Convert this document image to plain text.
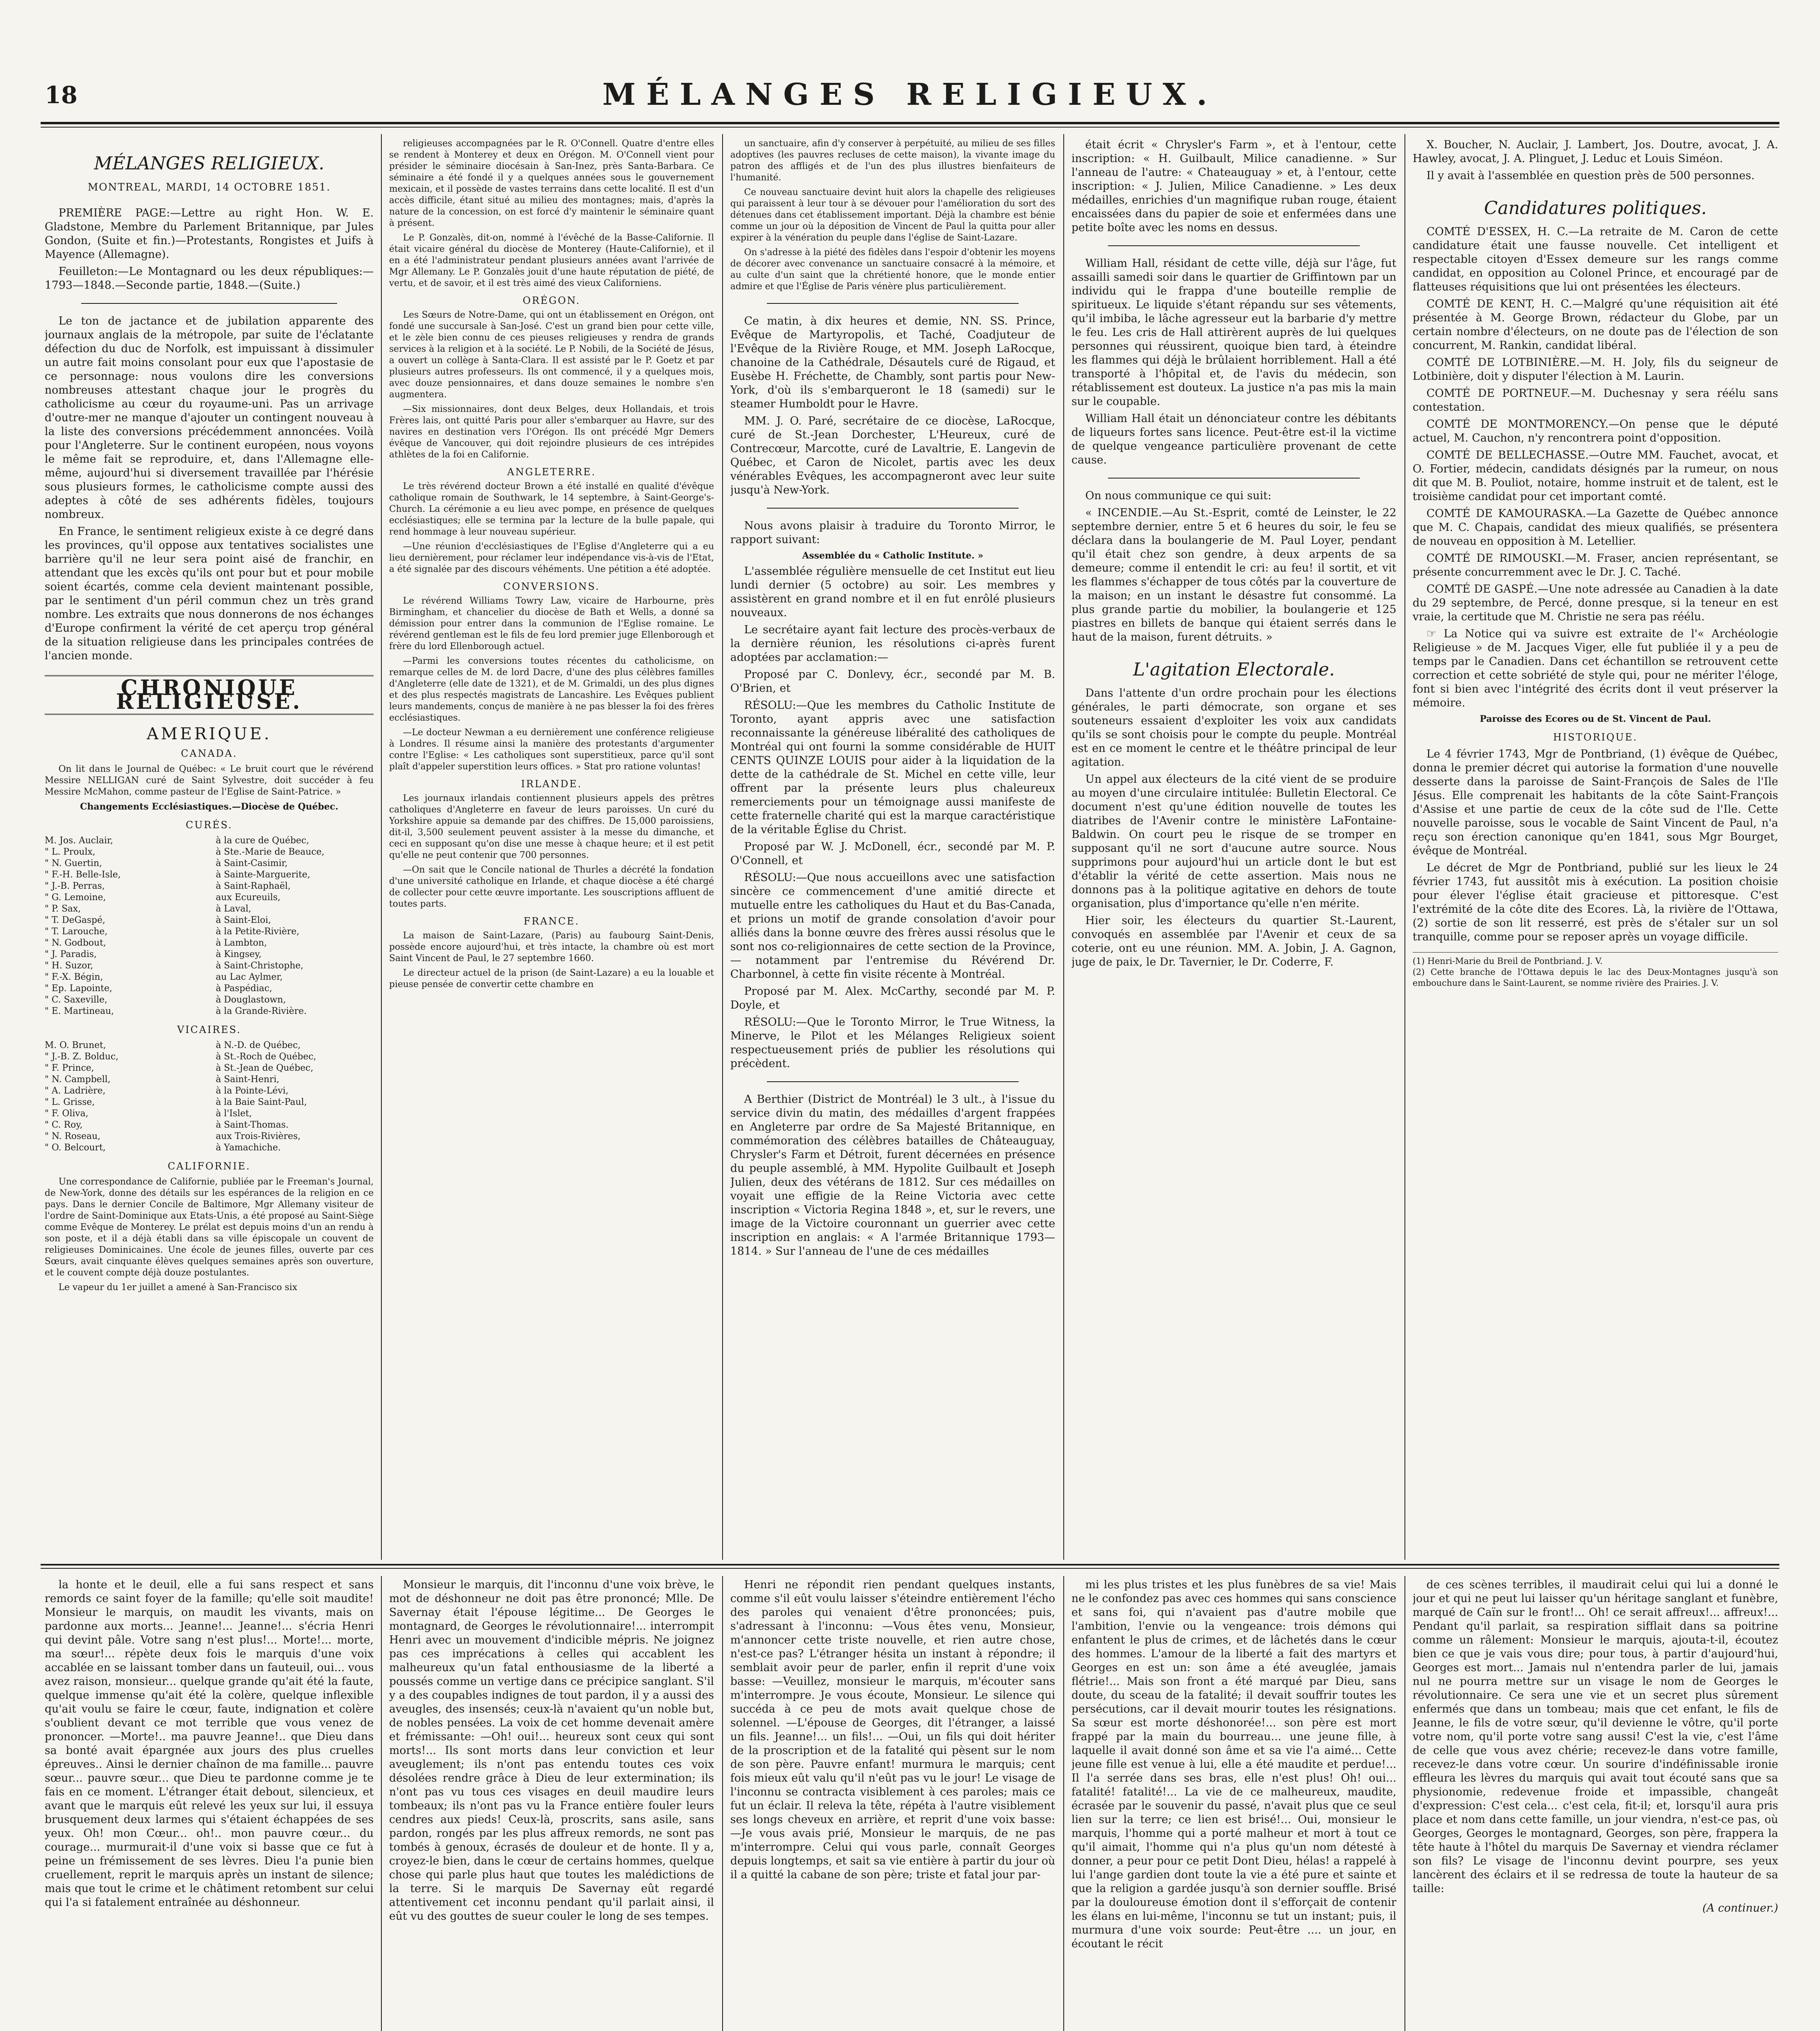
18	MÉLANGES RELIGIEUX.
MÉLANGES RELIGIEUX.
MONTREAL, MARDI, 14 OCTOBRE 1851.

PREMIÈRE PAGE:—Lettre au right Hon. W. E. Gladstone, Membre du Parlement Britannique, par Jules Gondon, (Suite et fin.)—Protestants, Rongistes et Juifs à Mayence (Allemagne).

Feuilleton:—Le Montagnard ou les deux républiques:—1793—1848.—Seconde partie, 1848.—(Suite.)

Le ton de jactance et de jubilation apparente des journaux anglais de la métropole, par suite de l'éclatante défection du duc de Norfolk, est impuissant à dissimuler un autre fait moins consolant pour eux que l'apostasie de ce personnage: nous voulons dire les conversions nombreuses attestant chaque jour le progrès du catholicisme au cœur du royaume-uni. Pas un arrivage d'outre-mer ne manque d'ajouter un contingent nouveau à la liste des conversions précédemment annoncées. Voilà pour l'Angleterre. Sur le continent européen, nous voyons le même fait se reproduire, et, dans l'Allemagne elle-même, aujourd'hui si diversement travaillée par l'hérésie sous plusieurs formes, le catholicisme compte aussi des adeptes à côté de ses adhérents fidèles, toujours nombreux.

En France, le sentiment religieux existe à ce degré dans les provinces, qu'il oppose aux tentatives socialistes une barrière qu'il ne leur sera point aisé de franchir, en attendant que les excès qu'ils ont pour but et pour mobile soient écartés, comme cela devient maintenant possible, par le sentiment d'un péril commun chez un très grand nombre. Les extraits que nous donnerons de nos échanges d'Europe confirment la vérité de cet aperçu trop général de la situation religieuse dans les principales contrées de l'ancien monde.

CHRONIQUE RELIGIEUSE.
AMERIQUE.
CANADA.

On lit dans le Journal de Québec: « Le bruit court que le révérend Messire NELLIGAN curé de Saint Sylvestre, doit succéder à feu Messire McMahon, comme pasteur de l'Eglise de Saint-Patrice. »

Changements Ecclésiastiques.—Diocèse de Québec.

CURÉS.
M. Jos. Auclair,	à la cure de Québec,
" L. Proulx,	à Ste.-Marie de Beauce,
" N. Guertin,	à Saint-Casimir,
" F.-H. Belle-Isle,	à Sainte-Marguerite,
" J.-B. Perras,	à Saint-Raphaël,
" G. Lemoine,	aux Ecureuils,
" P. Sax,	à Laval,
" T. DeGaspé,	à Saint-Eloi,
" T. Larouche,	à la Petite-Rivière,
" N. Godbout,	à Lambton,
" J. Paradis,	à Kingsey,
" H. Suzor,	à Saint-Christophe,
" F.-X. Bégin,	au Lac Aylmer,
" Ep. Lapointe,	à Paspédiac,
" C. Saxeville,	à Douglastown,
" E. Martineau,	à la Grande-Rivière.
VICAIRES.
M. O. Brunet,	à N.-D. de Québec,
" J.-B. Z. Bolduc,	à St.-Roch de Québec,
" F. Prince,	à St.-Jean de Québec,
" N. Campbell,	à Saint-Henri,
" A. Ladrière,	à la Pointe-Lévi,
" L. Grisse,	à la Baie Saint-Paul,
" F. Oliva,	à l'Islet,
" C. Roy,	à Saint-Thomas.
" N. Roseau,	aux Trois-Rivières,
" O. Belcourt,	à Yamachiche.
CALIFORNIE.

Une correspondance de Californie, publiée par le Freeman's Journal, de New-York, donne des détails sur les espérances de la religion en ce pays. Dans le dernier Concile de Baltimore, Mgr Allemany visiteur de l'ordre de Saint-Dominique aux Etats-Unis, a été proposé au Saint-Siège comme Evêque de Monterey. Le prélat est depuis moins d'un an rendu à son poste, et il a déjà établi dans sa ville épiscopale un couvent de religieuses Dominicaines. Une école de jeunes filles, ouverte par ces Sœurs, avait cinquante élèves quelques semaines après son ouverture, et le couvent compte déjà douze postulantes.

Le vapeur du 1er juillet a amené à San-Francisco six

religieuses accompagnées par le R. O'Connell. Quatre d'entre elles se rendent à Monterey et deux en Orégon. M. O'Connell vient pour présider le séminaire diocésain à San-Inez, près Santa-Barbara. Ce séminaire a été fondé il y a quelques années sous le gouvernement mexicain, et il possède de vastes terrains dans cette localité. Il est d'un accès difficile, étant situé au milieu des montagnes; mais, d'après la nature de la concession, on est forcé d'y maintenir le séminaire quant à présent.

Le P. Gonzalès, dit-on, nommé à l'évêché de la Basse-Californie. Il était vicaire général du diocèse de Monterey (Haute-Californie), et il en a été l'administrateur pendant plusieurs années avant l'arrivée de Mgr Allemany. Le P. Gonzalès jouit d'une haute réputation de piété, de vertu, et de savoir, et il est très aimé des vieux Californiens.

ORÉGON.

Les Sœurs de Notre-Dame, qui ont un établissement en Orégon, ont fondé une succursale à San-José. C'est un grand bien pour cette ville, et le zèle bien connu de ces pieuses religieuses y rendra de grands services à la religion et à la société. Le P. Nobili, de la Société de Jésus, a ouvert un collège à Santa-Clara. Il est assisté par le P. Goetz et par plusieurs autres professeurs. Ils ont commencé, il y a quelques mois, avec douze pensionnaires, et dans douze semaines le nombre s'en augmentera.

—Six missionnaires, dont deux Belges, deux Hollandais, et trois Frères lais, ont quitté Paris pour aller s'embarquer au Havre, sur des navires en destination vers l'Orégon. Ils ont précédé Mgr Demers évêque de Vancouver, qui doit rejoindre plusieurs de ces intrépides athlètes de la foi en Californie.

ANGLETERRE.

Le très révérend docteur Brown a été installé en qualité d'évêque catholique romain de Southwark, le 14 septembre, à Saint-George's-Church. La cérémonie a eu lieu avec pompe, en présence de quelques ecclésiastiques; elle se termina par la lecture de la bulle papale, qui rend hommage à leur nouveau supérieur.

—Une réunion d'ecclésiastiques de l'Eglise d'Angleterre qui a eu lieu dernièrement, pour réclamer leur indépendance vis-à-vis de l'Etat, a été signalée par des discours véhéments. Une pétition a été adoptée.

CONVERSIONS.

Le révérend Williams Towry Law, vicaire de Harbourne, près Birmingham, et chancelier du diocèse de Bath et Wells, a donné sa démission pour entrer dans la communion de l'Eglise romaine. Le révérend gentleman est le fils de feu lord premier juge Ellenborough et frère du lord Ellenborough actuel.

—Parmi les conversions toutes récentes du catholicisme, on remarque celles de M. de lord Dacre, d'une des plus célèbres familles d'Angleterre (elle date de 1321), et de M. Grimaldi, un des plus dignes et des plus respectés magistrats de Lancashire. Les Evêques publient leurs mandements, conçus de manière à ne pas blesser la foi des frères ecclésiastiques.

—Le docteur Newman a eu dernièrement une conférence religieuse à Londres. Il résume ainsi la manière des protestants d'argumenter contre l'Eglise: « Les catholiques sont superstitieux, parce qu'il sont plaît d'appeler superstition leurs offices. » Stat pro ratione voluntas!

IRLANDE.

Les journaux irlandais contiennent plusieurs appels des prêtres catholiques d'Angleterre en faveur de leurs paroisses. Un curé du Yorkshire appuie sa demande par des chiffres. De 15,000 paroissiens, dit-il, 3,500 seulement peuvent assister à la messe du dimanche, et ceci en supposant qu'on dise une messe à chaque heure; et il est petit qu'elle ne peut contenir que 700 personnes.

—On sait que le Concile national de Thurles a décrété la fondation d'une université catholique en Irlande, et chaque diocèse a été chargé de collecter pour cette œuvre importante. Les souscriptions affluent de toutes parts.

FRANCE.

La maison de Saint-Lazare, (Paris) au faubourg Saint-Denis, possède encore aujourd'hui, et très intacte, la chambre où est mort Saint Vincent de Paul, le 27 septembre 1660.

Le directeur actuel de la prison (de Saint-Lazare) a eu la louable et pieuse pensée de convertir cette chambre en

un sanctuaire, afin d'y conserver à perpétuité, au milieu de ses filles adoptives (les pauvres recluses de cette maison), la vivante image du patron des affligés et de l'un des plus illustres bienfaiteurs de l'humanité.

Ce nouveau sanctuaire devint huit alors la chapelle des religieuses qui paraissent à leur tour à se dévouer pour l'amélioration du sort des détenues dans cet établissement important. Déjà la chambre est bénie comme un jour où la déposition de Vincent de Paul la quitta pour aller expirer à la vénération du peuple dans l'église de Saint-Lazare.

On s'adresse à la piété des fidèles dans l'espoir d'obtenir les moyens de décorer avec convenance un sanctuaire consacré à la mémoire, et au culte d'un saint que la chrétienté honore, que le monde entier admire et que l'Église de Paris vénère plus particulièrement.

Ce matin, à dix heures et demie, NN. SS. Prince, Evêque de Martyropolis, et Taché, Coadjuteur de l'Evêque de la Rivière Rouge, et MM. Joseph LaRocque, chanoine de la Cathédrale, Désautels curé de Rigaud, et Eusèbe H. Fréchette, de Chambly, sont partis pour New-York, d'où ils s'embarqueront le 18 (samedi) sur le steamer Humboldt pour le Havre.

MM. J. O. Paré, secrétaire de ce diocèse, LaRocque, curé de St.-Jean Dorchester, L'Heureux, curé de Contrecœur, Marcotte, curé de Lavaltrie, E. Langevin de Québec, et Caron de Nicolet, partis avec les deux vénérables Evêques, les accompagneront avec leur suite jusqu'à New-York.

Nous avons plaisir à traduire du Toronto Mirror, le rapport suivant:

Assemblée du « Catholic Institute. »

L'assemblée régulière mensuelle de cet Institut eut lieu lundi dernier (5 octobre) au soir. Les membres y assistèrent en grand nombre et il en fut enrôlé plusieurs nouveaux.

Le secrétaire ayant fait lecture des procès-verbaux de la dernière réunion, les résolutions ci-après furent adoptées par acclamation:—

Proposé par C. Donlevy, écr., secondé par M. B. O'Brien, et

RÉSOLU:—Que les membres du Catholic Institute de Toronto, ayant appris avec une satisfaction reconnaissante la généreuse libéralité des catholiques de Montréal qui ont fourni la somme considérable de HUIT CENTS QUINZE LOUIS pour aider à la liquidation de la dette de la cathédrale de St. Michel en cette ville, leur offrent par la présente leurs plus chaleureux remerciements pour un témoignage aussi manifeste de cette fraternelle charité qui est la marque caractéristique de la véritable Église du Christ.

Proposé par W. J. McDonell, écr., secondé par M. P. O'Connell, et

RÉSOLU:—Que nous accueillons avec une satisfaction sincère ce commencement d'une amitié directe et mutuelle entre les catholiques du Haut et du Bas-Canada, et prions un motif de grande consolation d'avoir pour alliés dans la bonne œuvre des frères aussi résolus que le sont nos co-religionnaires de cette section de la Province, — notamment par l'entremise du Révérend Dr. Charbonnel, à cette fin visite récente à Montréal.

Proposé par M. Alex. McCarthy, secondé par M. P. Doyle, et

RÉSOLU:—Que le Toronto Mirror, le True Witness, la Minerve, le Pilot et les Mélanges Religieux soient respectueusement priés de publier les résolutions qui précèdent.

A Berthier (District de Montréal) le 3 ult., à l'issue du service divin du matin, des médailles d'argent frappées en Angleterre par ordre de Sa Majesté Britannique, en commémoration des célèbres batailles de Châteauguay, Chrysler's Farm et Détroit, furent décernées en présence du peuple assemblé, à MM. Hypolite Guilbault et Joseph Julien, deux des vétérans de 1812. Sur ces médailles on voyait une effigie de la Reine Victoria avec cette inscription « Victoria Regina 1848 », et, sur le revers, une image de la Victoire couronnant un guerrier avec cette inscription en anglais: « A l'armée Britannique 1793—1814. » Sur l'anneau de l'une de ces médailles

était écrit « Chrysler's Farm », et à l'entour, cette inscription: « H. Guilbault, Milice canadienne. » Sur l'anneau de l'autre: « Chateauguay » et, à l'entour, cette inscription: « J. Julien, Milice Canadienne. » Les deux médailles, enrichies d'un magnifique ruban rouge, étaient encaissées dans du papier de soie et enfermées dans une petite boîte avec les noms en dessus.

William Hall, résidant de cette ville, déjà sur l'âge, fut assailli samedi soir dans le quartier de Griffintown par un individu qui le frappa d'une bouteille remplie de spiritueux. Le liquide s'étant répandu sur ses vêtements, qu'il imbiba, le lâche agresseur eut la barbarie d'y mettre le feu. Les cris de Hall attirèrent auprès de lui quelques personnes qui réussirent, quoique bien tard, à éteindre les flammes qui déjà le brûlaient horriblement. Hall a été transporté à l'hôpital et, de l'avis du médecin, son rétablissement est douteux. La justice n'a pas mis la main sur le coupable.

William Hall était un dénonciateur contre les débitants de liqueurs fortes sans licence. Peut-être est-il la victime de quelque vengeance particulière provenant de cette cause.

On nous communique ce qui suit:

« INCENDIE.—Au St.-Esprit, comté de Leinster, le 22 septembre dernier, entre 5 et 6 heures du soir, le feu se déclara dans la boulangerie de M. Paul Loyer, pendant qu'il était chez son gendre, à deux arpents de sa demeure; comme il entendit le cri: au feu! il sortit, et vit les flammes s'échapper de tous côtés par la couverture de la maison; en un instant le désastre fut consommé. La plus grande partie du mobilier, la boulangerie et 125 piastres en billets de banque qui étaient serrés dans le haut de la maison, furent détruits. »

L'agitation Electorale.

Dans l'attente d'un ordre prochain pour les élections générales, le parti démocrate, son organe et ses souteneurs essaient d'exploiter les voix aux candidats qu'ils se sont choisis pour le compte du peuple. Montréal est en ce moment le centre et le théâtre principal de leur agitation.

Un appel aux électeurs de la cité vient de se produire au moyen d'une circulaire intitulée: Bulletin Electoral. Ce document n'est qu'une édition nouvelle de toutes les diatribes de l'Avenir contre le ministère LaFontaine-Baldwin. On court peu le risque de se tromper en supposant qu'il ne sort d'aucune autre source. Nous supprimons pour aujourd'hui un article dont le but est d'établir la vérité de cette assertion. Mais nous ne donnons pas à la politique agitative en dehors de toute organisation, plus d'importance qu'elle n'en mérite.

Hier soir, les électeurs du quartier St.-Laurent, convoqués en assemblée par l'Avenir et ceux de sa coterie, ont eu une réunion. MM. A. Jobin, J. A. Gagnon, juge de paix, le Dr. Tavernier, le Dr. Coderre, F.

X. Boucher, N. Auclair, J. Lambert, Jos. Doutre, avocat, J. A. Hawley, avocat, J. A. Plinguet, J. Leduc et Louis Siméon.

Il y avait à l'assemblée en question près de 500 personnes.

Candidatures politiques.

COMTÉ D'ESSEX, H. C.—La retraite de M. Caron de cette candidature était une fausse nouvelle. Cet intelligent et respectable citoyen d'Essex demeure sur les rangs comme candidat, en opposition au Colonel Prince, et encouragé par de flatteuses réquisitions que lui ont présentées les électeurs.

COMTÉ DE KENT, H. C.—Malgré qu'une réquisition ait été présentée à M. George Brown, rédacteur du Globe, par un certain nombre d'électeurs, on ne doute pas de l'élection de son concurrent, M. Rankin, candidat libéral.

COMTÉ DE LOTBINIÈRE.—M. H. Joly, fils du seigneur de Lotbinière, doit y disputer l'élection à M. Laurin.

COMTÉ DE PORTNEUF.—M. Duchesnay y sera réélu sans contestation.

COMTÉ DE MONTMORENCY.—On pense que le député actuel, M. Cauchon, n'y rencontrera point d'opposition.

COMTÉ DE BELLECHASSE.—Outre MM. Fauchet, avocat, et O. Fortier, médecin, candidats désignés par la rumeur, on nous dit que M. B. Pouliot, notaire, homme instruit et de talent, est le troisième candidat pour cet important comté.

COMTÉ DE KAMOURASKA.—La Gazette de Québec annonce que M. C. Chapais, candidat des mieux qualifiés, se présentera de nouveau en opposition à M. Letellier.

COMTÉ DE RIMOUSKI.—M. Fraser, ancien représentant, se présente concurremment avec le Dr. J. C. Taché.

COMTÉ DE GASPÉ.—Une note adressée au Canadien à la date du 29 septembre, de Percé, donne presque, si la teneur en est vraie, la certitude que M. Christie ne sera pas réélu.

☞ La Notice qui va suivre est extraite de l'« Archéologie Religieuse » de M. Jacques Viger, elle fut publiée il y a peu de temps par le Canadien. Dans cet échantillon se retrouvent cette correction et cette sobriété de style qui, pour ne mériter l'éloge, font si bien avec l'intégrité des écrits dont il veut préserver la mémoire.

Paroisse des Ecores ou de St. Vincent de Paul.

HISTORIQUE.

Le 4 février 1743, Mgr de Pontbriand, (1) évêque de Québec, donna le premier décret qui autorise la formation d'une nouvelle desserte dans la paroisse de Saint-François de Sales de l'Ile Jésus. Elle comprenait les habitants de la côte Saint-François d'Assise et une partie de ceux de la côte sud de l'Ile. Cette nouvelle paroisse, sous le vocable de Saint Vincent de Paul, n'a reçu son érection canonique qu'en 1841, sous Mgr Bourget, évêque de Montréal.

Le décret de Mgr de Pontbriand, publié sur les lieux le 24 février 1743, fut aussitôt mis à exécution. La position choisie pour élever l'église était gracieuse et pittoresque. C'est l'extrémité de la côte dite des Ecores. Là, la rivière de l'Ottawa, (2) sortie de son lit resserré, est près de s'étaler sur un sol tranquille, comme pour se reposer après un voyage difficile.

(1) Henri-Marie du Breil de Pontbriand. J. V.
(2) Cette branche de l'Ottawa depuis le lac des Deux-Montagnes jusqu'à son embouchure dans le Saint-Laurent, se nomme rivière des Prairies. J. V.

la honte et le deuil, elle a fui sans respect et sans remords ce saint foyer de la famille; qu'elle soit maudite! Monsieur le marquis, on maudit les vivants, mais on pardonne aux morts... Jeanne!... Jeanne!... s'écria Henri qui devint pâle. Votre sang n'est plus!... Morte!... morte, ma sœur!... répète deux fois le marquis d'une voix accablée en se laissant tomber dans un fauteuil, oui... vous avez raison, monsieur... quelque grande qu'ait été la faute, quelque immense qu'ait été la colère, quelque inflexible qu'ait voulu se faire le cœur, faute, indignation et colère s'oublient devant ce mot terrible que vous venez de prononcer. —Morte!.. ma pauvre Jeanne!.. que Dieu dans sa bonté avait épargnée aux jours des plus cruelles épreuves.. Ainsi le dernier chaînon de ma famille... pauvre sœur... pauvre sœur... que Dieu te pardonne comme je te fais en ce moment. L'étranger était debout, silencieux, et avant que le marquis eût relevé les yeux sur lui, il essuya brusquement deux larmes qui s'étaient échappées de ses yeux. Oh! mon Cœur... oh!.. mon pauvre cœur... du courage... murmurait-il d'une voix si basse que ce fut à peine un frémissement de ses lèvres. Dieu l'a punie bien cruellement, reprit le marquis après un instant de silence; mais que tout le crime et le châtiment retombent sur celui qui l'a si fatalement entraînée au déshonneur.

Monsieur le marquis, dit l'inconnu d'une voix brève, le mot de déshonneur ne doit pas être prononcé; Mlle. De Savernay était l'épouse légitime... De Georges le montagnard, de Georges le révolutionnaire!... interrompit Henri avec un mouvement d'indicible mépris. Ne joignez pas ces imprécations à celles qui accablent les malheureux qu'un fatal enthousiasme de la liberté a poussés comme un vertige dans ce précipice sanglant. S'il y a des coupables indignes de tout pardon, il y a aussi des aveugles, des insensés; ceux-là n'avaient qu'un noble but, de nobles pensées. La voix de cet homme devenait amère et frémissante: —Oh! oui!... heureux sont ceux qui sont morts!... Ils sont morts dans leur conviction et leur aveuglement; ils n'ont pas entendu toutes ces voix désolées rendre grâce à Dieu de leur extermination; ils n'ont pas vu tous ces visages en deuil maudire leurs tombeaux; ils n'ont pas vu la France entière fouler leurs cendres aux pieds! Ceux-là, proscrits, sans asile, sans pardon, rongés par les plus affreux remords, ne sont pas tombés à genoux, écrasés de douleur et de honte. Il y a, croyez-le bien, dans le cœur de certains hommes, quelque chose qui parle plus haut que toutes les malédictions de la terre. Si le marquis De Savernay eût regardé attentivement cet inconnu pendant qu'il parlait ainsi, il eût vu des gouttes de sueur couler le long de ses tempes.

Henri ne répondit rien pendant quelques instants, comme s'il eût voulu laisser s'éteindre entièrement l'écho des paroles qui venaient d'être prononcées; puis, s'adressant à l'inconnu: —Vous êtes venu, Monsieur, m'annoncer cette triste nouvelle, et rien autre chose, n'est-ce pas? L'étranger hésita un instant à répondre; il semblait avoir peur de parler, enfin il reprit d'une voix basse: —Veuillez, monsieur le marquis, m'écouter sans m'interrompre. Je vous écoute, Monsieur. Le silence qui succéda à ce peu de mots avait quelque chose de solennel. —L'épouse de Georges, dit l'étranger, a laissé un fils. Jeanne!... un fils!... —Oui, un fils qui doit hériter de la proscription et de la fatalité qui pèsent sur le nom de son père. Pauvre enfant! murmura le marquis; cent fois mieux eût valu qu'il n'eût pas vu le jour! Le visage de l'inconnu se contracta visiblement à ces paroles; mais ce fut un éclair. Il releva la tête, répéta à l'autre visiblement ses longs cheveux en arrière, et reprit d'une voix basse: —Je vous avais prié, Monsieur le marquis, de ne pas m'interrompre. Celui qui vous parle, connaît Georges depuis longtemps, et sait sa vie entière à partir du jour où il a quitté la cabane de son père; triste et fatal jour par-

mi les plus tristes et les plus funèbres de sa vie! Mais ne le confondez pas avec ces hommes qui sans conscience et sans foi, qui n'avaient pas d'autre mobile que l'ambition, l'envie ou la vengeance: trois démons qui enfantent le plus de crimes, et de lâchetés dans le cœur des hommes. L'amour de la liberté a fait des martyrs et Georges en est un: son âme a été aveuglée, jamais flétrie!... Mais son front a été marqué par Dieu, sans doute, du sceau de la fatalité; il devait souffrir toutes les persécutions, car il devait mourir toutes les résignations. Sa sœur est morte déshonorée!... son père est mort frappé par la main du bourreau... une jeune fille, à laquelle il avait donné son âme et sa vie l'a aimé... Cette jeune fille est venue à lui, elle a été maudite et perdue!... Il l'a serrée dans ses bras, elle n'est plus! Oh! oui... fatalité! fatalité!... La vie de ce malheureux, maudite, écrasée par le souvenir du passé, n'avait plus que ce seul lien sur la terre; ce lien est brisé!... Oui, monsieur le marquis, l'homme qui a porté malheur et mort à tout ce qu'il aimait, l'homme qui n'a plus qu'un nom détesté à donner, a peur pour ce petit Dont Dieu, hélas! a rappelé à lui l'ange gardien dont toute la vie a été pure et sainte et que la religion a gardée jusqu'à son dernier souffle. Brisé par la douloureuse émotion dont il s'efforçait de contenir les élans en lui-même, l'inconnu se tut un instant; puis, il murmura d'une voix sourde: Peut-être .... un jour, en écoutant le récit

de ces scènes terribles, il maudirait celui qui lui a donné le jour et qui ne peut lui laisser qu'un héritage sanglant et funèbre, marqué de Caïn sur le front!... Oh! ce serait affreux!... affreux!... Pendant qu'il parlait, sa respiration sifflait dans sa poitrine comme un râlement: Monsieur le marquis, ajouta-t-il, écoutez bien ce que je vais vous dire; pour tous, à partir d'aujourd'hui, Georges est mort... Jamais nul n'entendra parler de lui, jamais nul ne pourra mettre sur un visage le nom de Georges le révolutionnaire. Ce sera une vie et un secret plus sûrement enfermés que dans un tombeau; mais que cet enfant, le fils de Jeanne, le fils de votre sœur, qu'il devienne le vôtre, qu'il porte votre nom, qu'il porte votre sang aussi! C'est la vie, c'est l'âme de celle que vous avez chérie; recevez-le dans votre famille, recevez-le dans votre cœur. Un sourire d'indéfinissable ironie effleura les lèvres du marquis qui avait tout écouté sans que sa physionomie, redevenue froide et impassible, changeât d'expression: C'est cela... c'est cela, fit-il; et, lorsqu'il aura pris place et nom dans cette famille, un jour viendra, n'est-ce pas, où Georges, Georges le montagnard, Georges, son père, frappera la tête haute à l'hôtel du marquis De Savernay et viendra réclamer son fils? Le visage de l'inconnu devint pourpre, ses yeux lancèrent des éclairs et il se redressa de toute la hauteur de sa taille:

(A continuer.)
